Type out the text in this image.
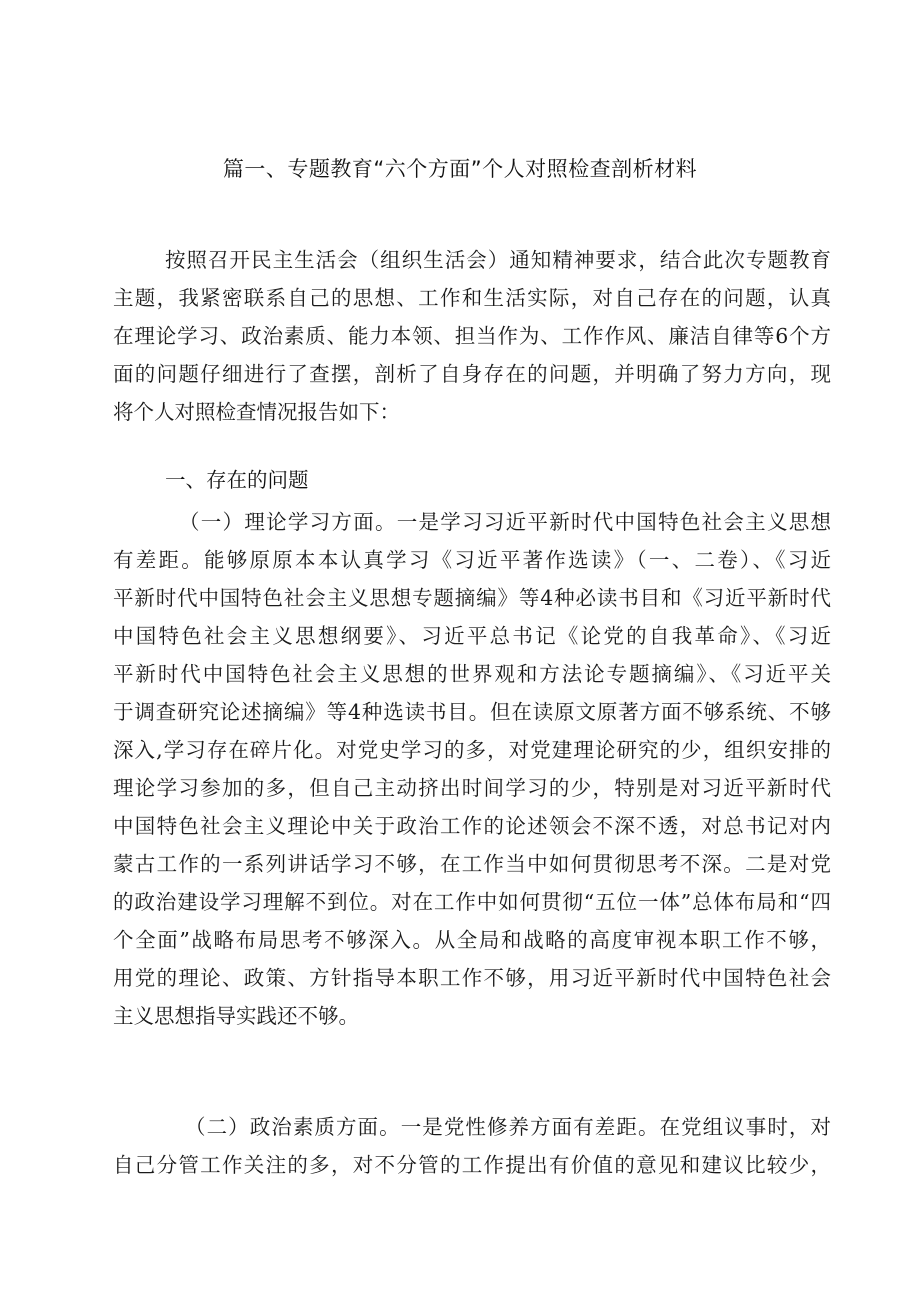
篇一、专题教育“六个方面”个人对照检查剖析材料
按照召开民主生活会（组织生活会）通知精神要求，结合此次专题教育
主题，我紧密联系自己的思想、工作和生活实际，对自己存在的问题，认真
在理论学习、政治素质、能力本领、担当作为、工作作风、廉洁自律等6个方
面的问题仔细进行了查摆，剖析了自身存在的问题，并明确了努力方向，现
将个人对照检查情况报告如下：
一、存在的问题
（一）理论学习方面。一是学习习近平新时代中国特色社会主义思想
有差距。能够原原本本认真学习《习近平著作选读》（一、二卷）、《习近
平新时代中国特色社会主义思想专题摘编》等4种必读书目和《习近平新时代
中国特色社会主义思想纲要》、习近平总书记《论党的自我革命》、《习近
平新时代中国特色社会主义思想的世界观和方法论专题摘编》、《习近平关
于调查研究论述摘编》等4种选读书目。但在读原文原著方面不够系统、不够
深入,学习存在碎片化。对党史学习的多，对党建理论研究的少，组织安排的
理论学习参加的多，但自己主动挤出时间学习的少，特别是对习近平新时代
中国特色社会主义理论中关于政治工作的论述领会不深不透，对总书记对内
蒙古工作的一系列讲话学习不够，在工作当中如何贯彻思考不深。二是对党
的政治建设学习理解不到位。对在工作中如何贯彻“五位一体”总体布局和“四
个全面”战略布局思考不够深入。从全局和战略的高度审视本职工作不够，
用党的理论、政策、方针指导本职工作不够，用习近平新时代中国特色社会
主义思想指导实践还不够。
（二）政治素质方面。一是党性修养方面有差距。在党组议事时，对
自己分管工作关注的多，对不分管的工作提出有价值的意见和建议比较少，
